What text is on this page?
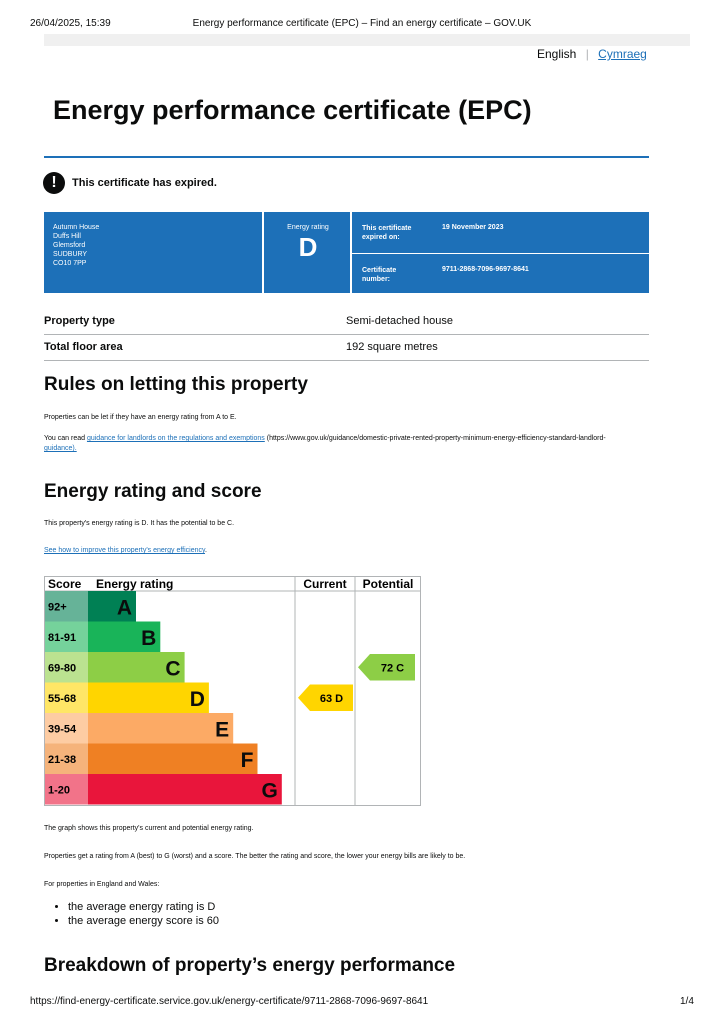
26/04/2025, 15:39	Energy performance certificate (EPC) – Find an energy certificate – GOV.UK
English | Cymraeg
Energy performance certificate (EPC)
!	This certificate has expired.
Autumn House
Duffs Hill
Glemsford
SUDBURY
CO10 7PP
Energy rating
D
This certificate expired on:
19 November 2023
Certificate number:
9711-2868-7096-9697-8641
Property type	Semi-detached house
Total floor area	192 square metres
Rules on letting this property
Properties can be let if they have an energy rating from A to E.
You can read guidance for landlords on the regulations and exemptions (https://www.gov.uk/guidance/domestic-private-rented-property-minimum-energy-efficiency-standard-landlord-
guidance).
Energy rating and score
This property's energy rating is D. It has the potential to be C.
See how to improve this property's energy efficiency.
Score Energy rating	Current Potential
92+ A
81-91	B
69-80	C
55-68	D
39-54	E
21-38	F
1-20	G
63 D
72 C
The graph shows this property's current and potential energy rating.
Properties get a rating from A (best) to G (worst) and a score. The better the rating and score, the lower your energy bills are likely to be.
For properties in England and Wales:
• the average energy rating is D
• the average energy score is 60
Breakdown of property’s energy performance
https://find-energy-certificate.service.gov.uk/energy-certificate/9711-2868-7096-9697-8641	1/4
